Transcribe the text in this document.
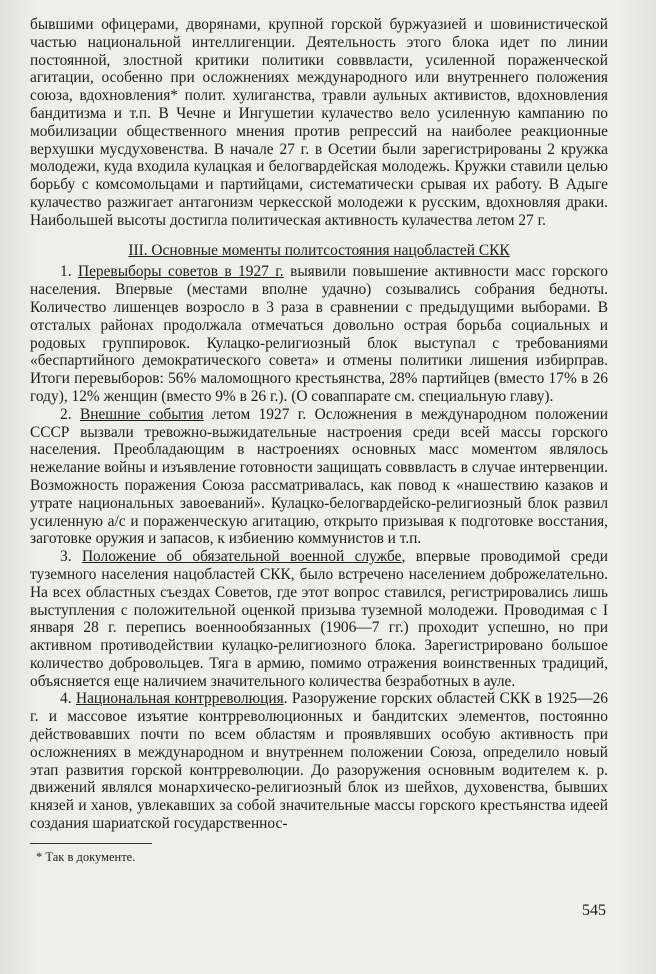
бывшими офицерами, дворянами, крупной горской буржуазией и шовинистической частью национальной интеллигенции. Деятельность этого блока идет по линии постоянной, злостной критики политики совввласти, усиленной пораженческой агитации, особенно при осложнениях международного или внутреннего положения союза, вдохновления* полит. хулиганства, травли аульных активистов, вдохновления бандитизма и т.п. В Чечне и Ингушетии кулачество вело усиленную кампанию по мобилизации общественного мнения против репрессий на наиболее реакционные верхушки мусдуховенства. В начале 27 г. в Осетии были зарегистрированы 2 кружка молодежи, куда входила кулацкая и белогвардейская молодежь. Кружки ставили целью борьбу с комсомольцами и партийцами, систематически срывая их работу. В Адыге кулачество разжигает антагонизм черкесской молодежи к русским, вдохновляя драки. Наибольшей высоты достигла политическая активность кулачества летом 27 г.

III. Основные моменты политсостояния нацобластей СКК

1. Перевыборы советов в 1927 г. выявили повышение активности масс горского населения. Впервые (местами вполне удачно) созывались собрания бедноты. Количество лишенцев возросло в 3 раза в сравнении с предыдущими выборами. В отсталых районах продолжала отмечаться довольно острая борьба социальных и родовых группировок. Кулацко-религиозный блок выступал с требованиями «беспартийного демократического совета» и отмены политики лишения избирправ. Итоги перевыборов: 56% маломощного крестьянства, 28% партийцев (вместо 17% в 26 году), 12% женщин (вместо 9% в 26 г.). (О соваппарате см. специальную главу).

2. Внешние события летом 1927 г. Осложнения в международном положении СССР вызвали тревожно-выжидательные настроения среди всей массы горского населения. Преобладающим в настроениях основных масс моментом являлось нежелание войны и изъявление готовности защищать совввласть в случае интервенции. Возможность поражения Союза рассматривалась, как повод к «нашествию казаков и утрате национальных завоеваний». Кулацко-белогвардейско-религиозный блок развил усиленную а/с и пораженческую агитацию, открыто призывая к подготовке восстания, заготовке оружия и запасов, к избиению коммунистов и т.п.

3. Положение об обязательной военной службе, впервые проводимой среди туземного населения нацобластей СКК, было встречено населением доброжелательно. На всех областных съездах Советов, где этот вопрос ставился, регистрировались лишь выступления с положительной оценкой призыва туземной молодежи. Проводимая с I января 28 г. перепись военнообязанных (1906—7 гг.) проходит успешно, но при активном противодействии кулацко-религиозного блока. Зарегистрировано большое количество добровольцев. Тяга в армию, помимо отражения воинственных традиций, объясняется еще наличием значительного количества безработных в ауле.

4. Национальная контрреволюция. Разоружение горских областей СКК в 1925—26 г. и массовое изъятие контрреволюционных и бандитских элементов, постоянно действовавших почти по всем областям и проявлявших особую активность при осложнениях в международном и внутреннем положении Союза, определило новый этап развития горской контрреволюции. До разоружения основным водителем к. р. движений являлся монархическо-религиозный блок из шейхов, духовенства, бывших князей и ханов, увлекавших за собой значительные массы горского крестьянства идеей создания шариатской государственнос-

* Так в документе.
545
